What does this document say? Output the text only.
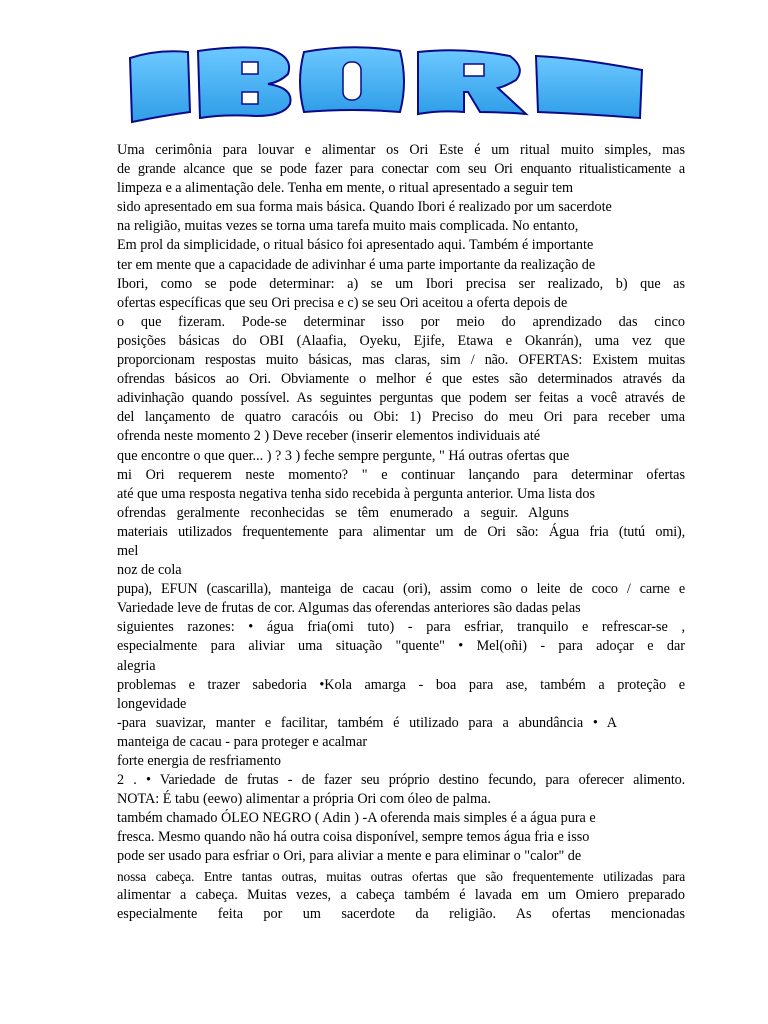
IBORI
Uma cerimônia para louvar e alimentar os Ori Este é um ritual muito simples, mas
de grande alcance que se pode fazer para conectar com seu Ori enquanto ritualisticamente a
limpeza e a alimentação dele. Tenha em mente, o ritual apresentado a seguir tem
sido apresentado em sua forma mais básica. Quando Ibori é realizado por um sacerdote
na religião, muitas vezes se torna uma tarefa muito mais complicada. No entanto,
Em prol da simplicidade, o ritual básico foi apresentado aqui. Também é importante
ter em mente que a capacidade de adivinhar é uma parte importante da realização de
Ibori, como se pode determinar: a) se um Ibori precisa ser realizado, b) que as
ofertas específicas que seu Ori precisa e c) se seu Ori aceitou a oferta depois de
o que fizeram. Pode-se determinar isso por meio do aprendizado das cinco
posições básicas do OBI (Alaafia, Oyeku, Ejife, Etawa e Okanrán), uma vez que
proporcionam respostas muito básicas, mas claras, sim / não. OFERTAS: Existem muitas
ofrendas básicos ao Ori. Obviamente o melhor é que estes são determinados através da
adivinhação quando possível. As seguintes perguntas que podem ser feitas a você através de
del lançamento de quatro caracóis ou Obi: 1) Preciso do meu Ori para receber uma
ofrenda neste momento 2 ) Deve receber (inserir elementos individuais até
que encontre o que quer... ) ? 3 ) feche sempre pergunte, " Há outras ofertas que
mi Ori requerem neste momento? " e continuar lançando para determinar ofertas
até que uma resposta negativa tenha sido recebida à pergunta anterior. Uma lista dos
ofrendas geralmente reconhecidas se têm enumerado a seguir. Alguns
materiais utilizados frequentemente para alimentar um de Ori são: Água fria (tutú omi),
mel
noz de cola
pupa), EFUN (cascarilla), manteiga de cacau (ori), assim como o leite de coco / carne e
Variedade leve de frutas de cor. Algumas das oferendas anteriores são dadas pelas
siguientes razones: • água fria(omi tuto) - para esfriar, tranquilo e refrescar-se ,
especialmente para aliviar uma situação "quente" • Mel(oñi) - para adoçar e dar
alegria
problemas e trazer sabedoria •Kola amarga - boa para ase, também a proteção e
longevidade
-para suavizar, manter e facilitar, também é utilizado para a abundância • A
manteiga de cacau - para proteger e acalmar
forte energia de resfriamento
2 . • Variedade de frutas - de fazer seu próprio destino fecundo, para oferecer alimento.
NOTA: É tabu (eewo) alimentar a própria Ori com óleo de palma.
também chamado ÓLEO NEGRO ( Adin ) -A oferenda mais simples é a água pura e
fresca. Mesmo quando não há outra coisa disponível, sempre temos água fria e isso
pode ser usado para esfriar o Ori, para aliviar a mente e para eliminar o "calor" de
nossa cabeça. Entre tantas outras, muitas outras ofertas que são frequentemente utilizadas para
alimentar a cabeça. Muitas vezes, a cabeça também é lavada em um Omiero preparado
especialmente feita por um sacerdote da religião. As ofertas mencionadas
